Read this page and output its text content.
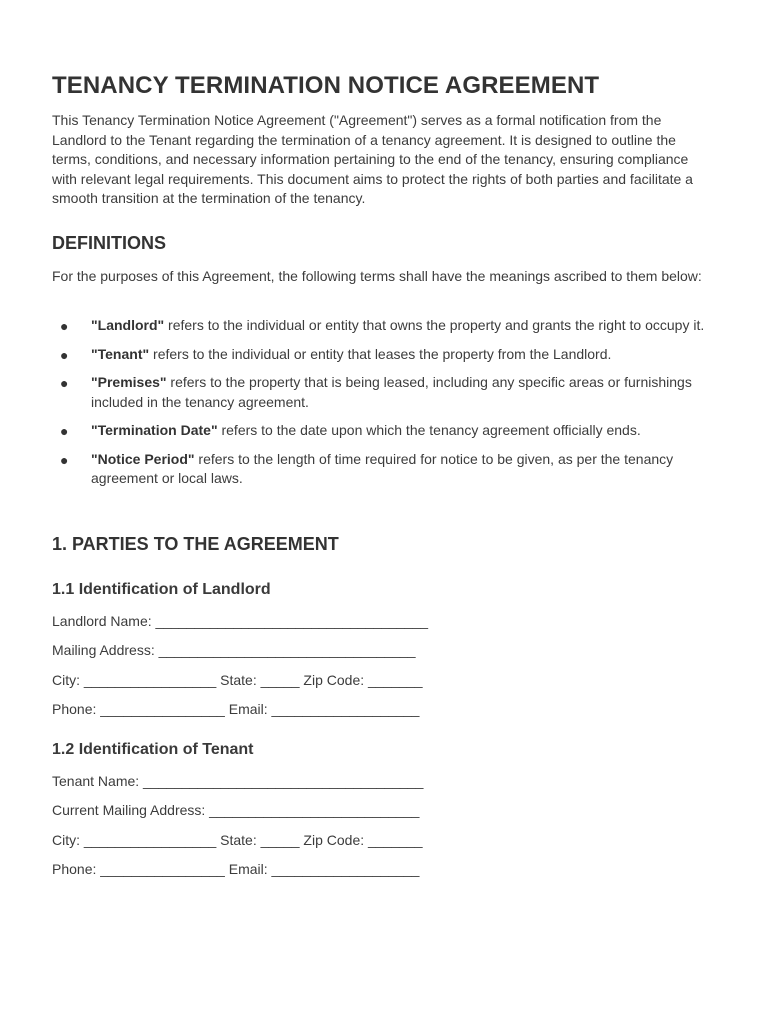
TENANCY TERMINATION NOTICE AGREEMENT

This Tenancy Termination Notice Agreement ("Agreement") serves as a formal notification from the Landlord to the Tenant regarding the termination of a tenancy agreement. It is designed to outline the terms, conditions, and necessary information pertaining to the end of the tenancy, ensuring compliance with relevant legal requirements. This document aims to protect the rights of both parties and facilitate a smooth transition at the termination of the tenancy.

DEFINITIONS

For the purposes of this Agreement, the following terms shall have the meanings ascribed to them below:

● "Landlord" refers to the individual or entity that owns the property and grants the right to occupy it.
● "Tenant" refers to the individual or entity that leases the property from the Landlord.
● "Premises" refers to the property that is being leased, including any specific areas or furnishings included in the tenancy agreement.
● "Termination Date" refers to the date upon which the tenancy agreement officially ends.
● "Notice Period" refers to the length of time required for notice to be given, as per the tenancy agreement or local laws.
1. PARTIES TO THE AGREEMENT
1.1 Identification of Landlord
Landlord Name: ___________________________________
Mailing Address: _________________________________
City: _________________ State: _____ Zip Code: _______
Phone: ________________ Email: ___________________
1.2 Identification of Tenant
Tenant Name: ____________________________________
Current Mailing Address: ___________________________
City: _________________ State: _____ Zip Code: _______
Phone: ________________ Email: ___________________
